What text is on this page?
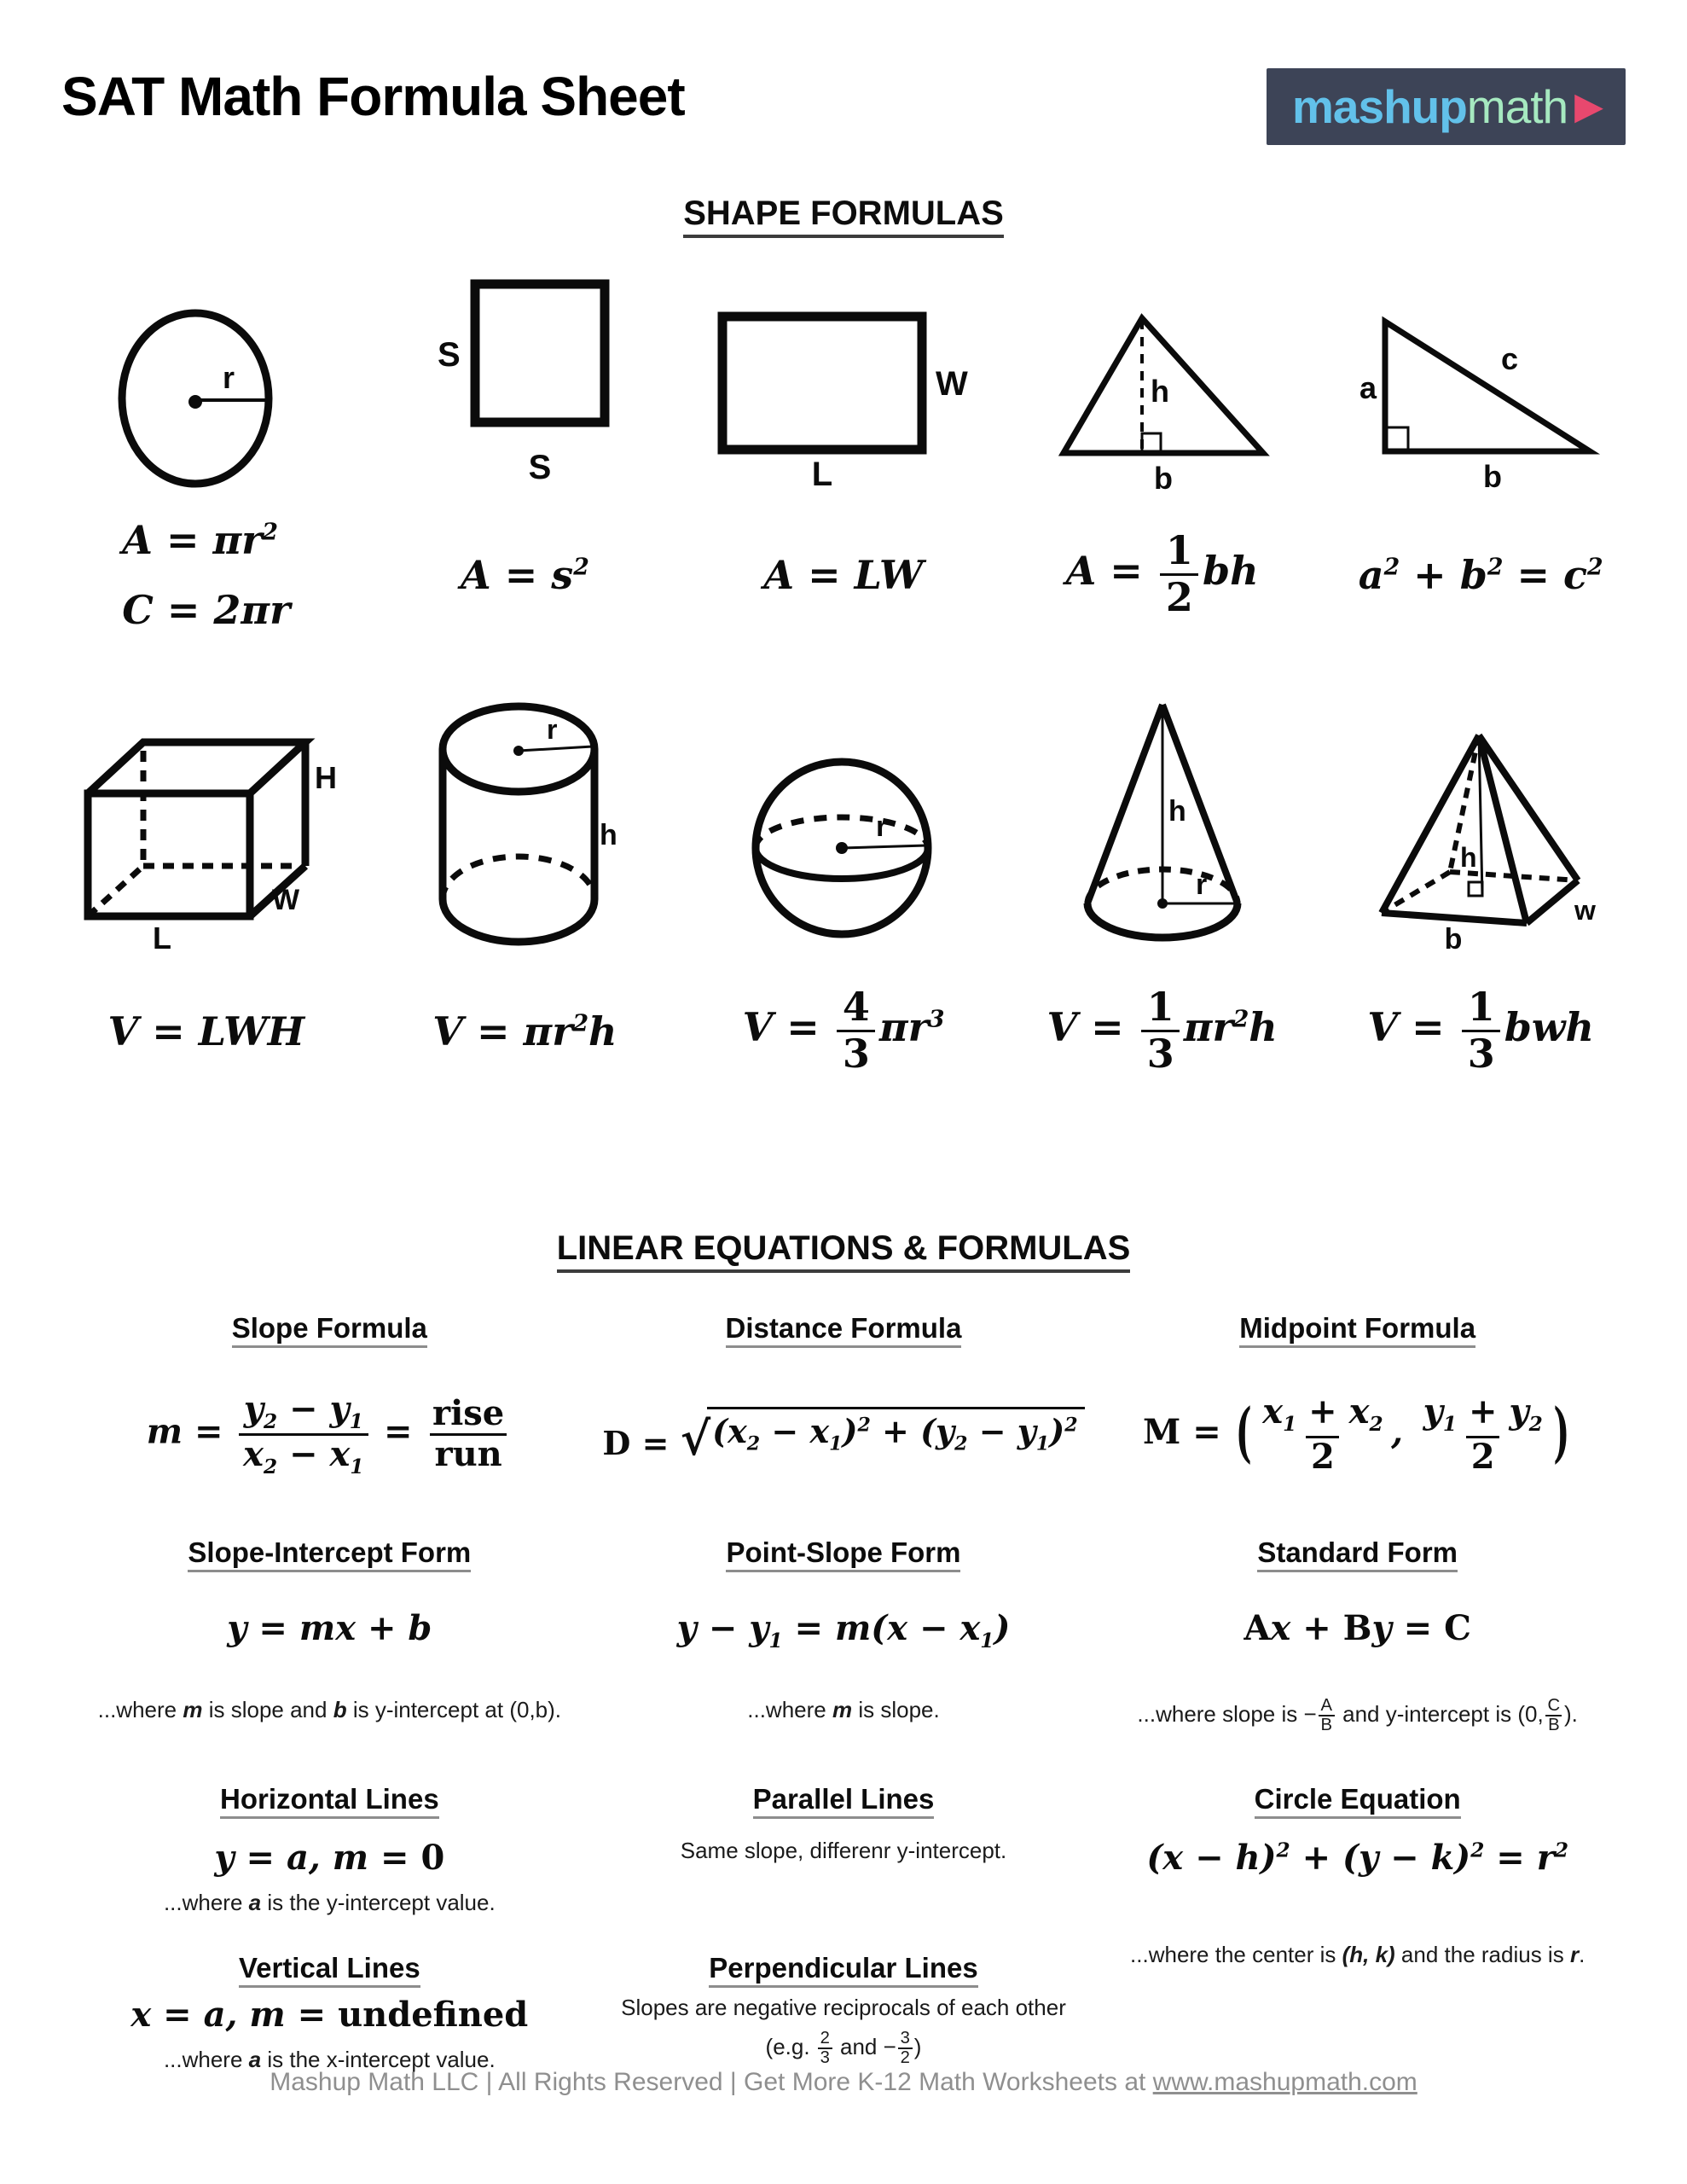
SAT Math Formula Sheet	mashup math ▶
SHAPE FORMULAS
r
S
S
W
L
h
b
a
c
b
$A = \pi r^2$
C = 2πr
$A = s^2$	A = LW	$A = \frac{1}{2}$ bh	$a^2 + b^2 = c^2$
H
W
L
r
h	r	h
r
h
b
w
V = LWH	$V = \pi r^2h$	$V = \frac{4}{3} \pi r^3$	$V = \frac{1}{3} \pi r^2h$ $V = \frac{1}{3}$ bwh
LINEAR EQUATIONS & FORMULAS
Slope Formula	Distance Formula	Midpoint Formula
$m = \frac{y_2 - y_1}{x_2 - x_1} = \frac{\text{rise}}{\text{run}}$	D = √ $(x_2 - x_1)^2 + (y_2 - y_1)^2$ M = ( $\frac{x_1 + x_2}{2}$ , $\frac{y_1 + y_2}{2}$ )
Slope-Intercept Form	Point-Slope Form	Standard Form
y = mx + b	$y - y_1 = m(x - x_1)$	Ax + By = C
...where m is slope and b is y-intercept at (0,b).	...where m is slope.	...where slope is − $\frac{A}{B}$ and y-intercept is (0, $\frac{C}{B}$ ).
Horizontal Lines	Parallel Lines	Circle Equation
y = a, m = 0
...where a is the y-intercept value.
Same slope, differenr y-intercept.	$(x - h)^2 + (y - k)^2 = r^2$
Vertical Lines	Perpendicular Lines	...where the center is (h, k) and the radius is r.
x = a, m = undefined
...where a is the x-intercept value.
Slopes are negative reciprocals of each other
(e.g. $\frac{2}{3}$ and − $\frac{3}{2}$ )
Mashup Math LLC | All Rights Reserved | Get More K-12 Math Worksheets at www.mashupmath.com
